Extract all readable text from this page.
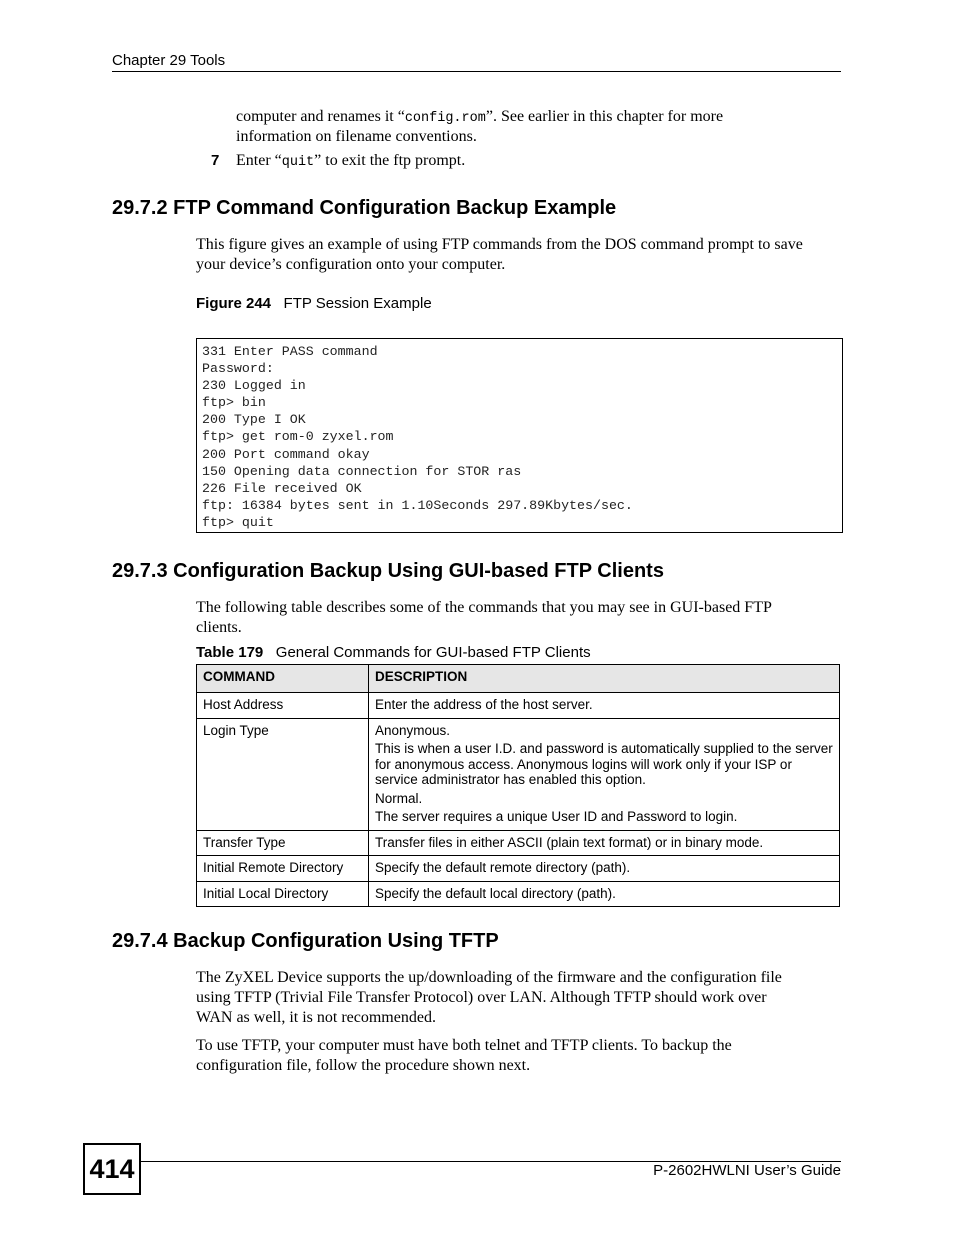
Chapter 29 Tools
computer and renames it “config.rom”. See earlier in this chapter for more
information on filename conventions.
7 Enter “quit” to exit the ftp prompt.
29.7.2 FTP Command Configuration Backup Example
This figure gives an example of using FTP commands from the DOS command prompt to save
your device’s configuration onto your computer.
Figure 244 FTP Session Example
331 Enter PASS command
Password:
230 Logged in
ftp> bin
200 Type I OK
ftp> get rom-0 zyxel.rom
200 Port command okay
150 Opening data connection for STOR ras
226 File received OK
ftp: 16384 bytes sent in 1.10Seconds 297.89Kbytes/sec.
ftp> quit
29.7.3 Configuration Backup Using GUI-based FTP Clients
The following table describes some of the commands that you may see in GUI-based FTP
clients.
Table 179 General Commands for GUI-based FTP Clients
COMMAND	DESCRIPTION
Host Address	Enter the address of the host server.

Login Type	Anonymous.

This is when a user I.D. and password is automatically supplied to the server for anonymous access. Anonymous logins will work only if your ISP or service administrator has enabled this option.

Normal.

The server requires a unique User ID and Password to login.

Transfer Type	Transfer files in either ASCII (plain text format) or in binary mode.

Initial Remote Directory	Specify the default remote directory (path).

Initial Local Directory	Specify the default local directory (path).

29.7.4 Backup Configuration Using TFTP
The ZyXEL Device supports the up/downloading of the firmware and the configuration file
using TFTP (Trivial File Transfer Protocol) over LAN. Although TFTP should work over
WAN as well, it is not recommended.
To use TFTP, your computer must have both telnet and TFTP clients. To backup the
configuration file, follow the procedure shown next.
414	P-2602HWLNI User’s Guide
